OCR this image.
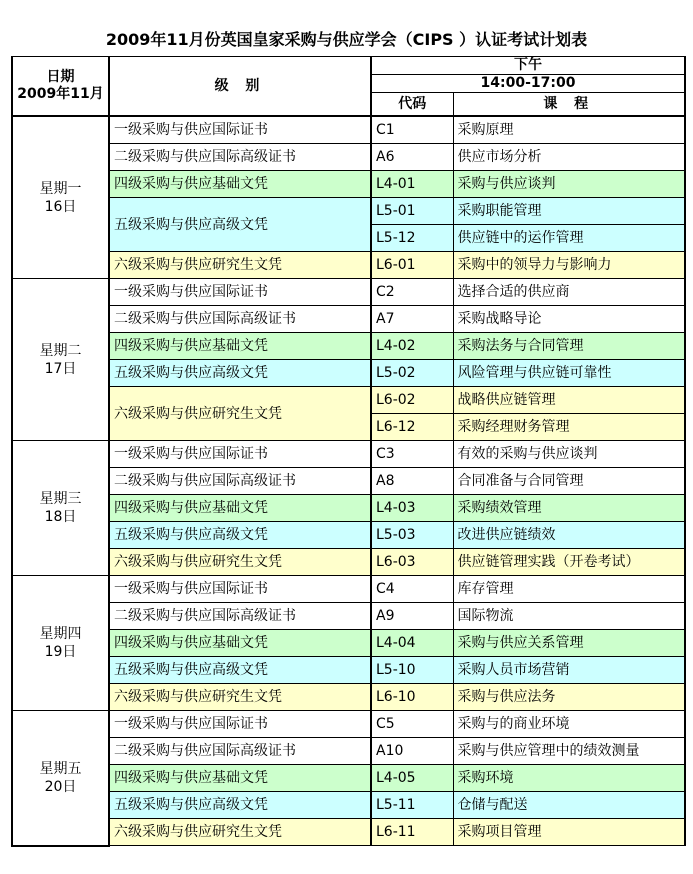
2009年11月份英国皇家采购与供应学会（CIPS ）认证考试计划表
日期
2009年11月	级 别	下午	
		14:00-17:00	
		代码	课 程

星期一
16日	一级采购与供应国际证书	C1	采购原理
	二级采购与供应国际高级证书	A6	供应市场分析
	四级采购与供应基础文凭	L4-01	采购与供应谈判
	五级采购与供应高级文凭	L5-01	采购职能管理
		L5-12	供应链中的运作管理
	六级采购与供应研究生文凭	L6-01	采购中的领导力与影响力

星期二
17日	一级采购与供应国际证书	C2	选择合适的供应商
	二级采购与供应国际高级证书	A7	采购战略导论
	四级采购与供应基础文凭	L4-02	采购法务与合同管理
	五级采购与供应高级文凭	L5-02	风险管理与供应链可靠性
	六级采购与供应研究生文凭	L6-02	战略供应链管理
		L6-12	采购经理财务管理

星期三
18日	一级采购与供应国际证书	C3	有效的采购与供应谈判
	二级采购与供应国际高级证书	A8	合同准备与合同管理
	四级采购与供应基础文凭	L4-03	采购绩效管理
	五级采购与供应高级文凭	L5-03	改进供应链绩效
	六级采购与供应研究生文凭	L6-03	供应链管理实践（开卷考试）

星期四
19日	一级采购与供应国际证书	C4	库存管理
	二级采购与供应国际高级证书	A9	国际物流
	四级采购与供应基础文凭	L4-04	采购与供应关系管理
	五级采购与供应高级文凭	L5-10	采购人员市场营销
	六级采购与供应研究生文凭	L6-10	采购与供应法务

星期五
20日	一级采购与供应国际证书	C5	采购与的商业环境
	二级采购与供应国际高级证书	A10	采购与供应管理中的绩效测量
	四级采购与供应基础文凭	L4-05	采购环境
	五级采购与供应高级文凭	L5-11	仓储与配送
	六级采购与供应研究生文凭	L6-11	采购项目管理
